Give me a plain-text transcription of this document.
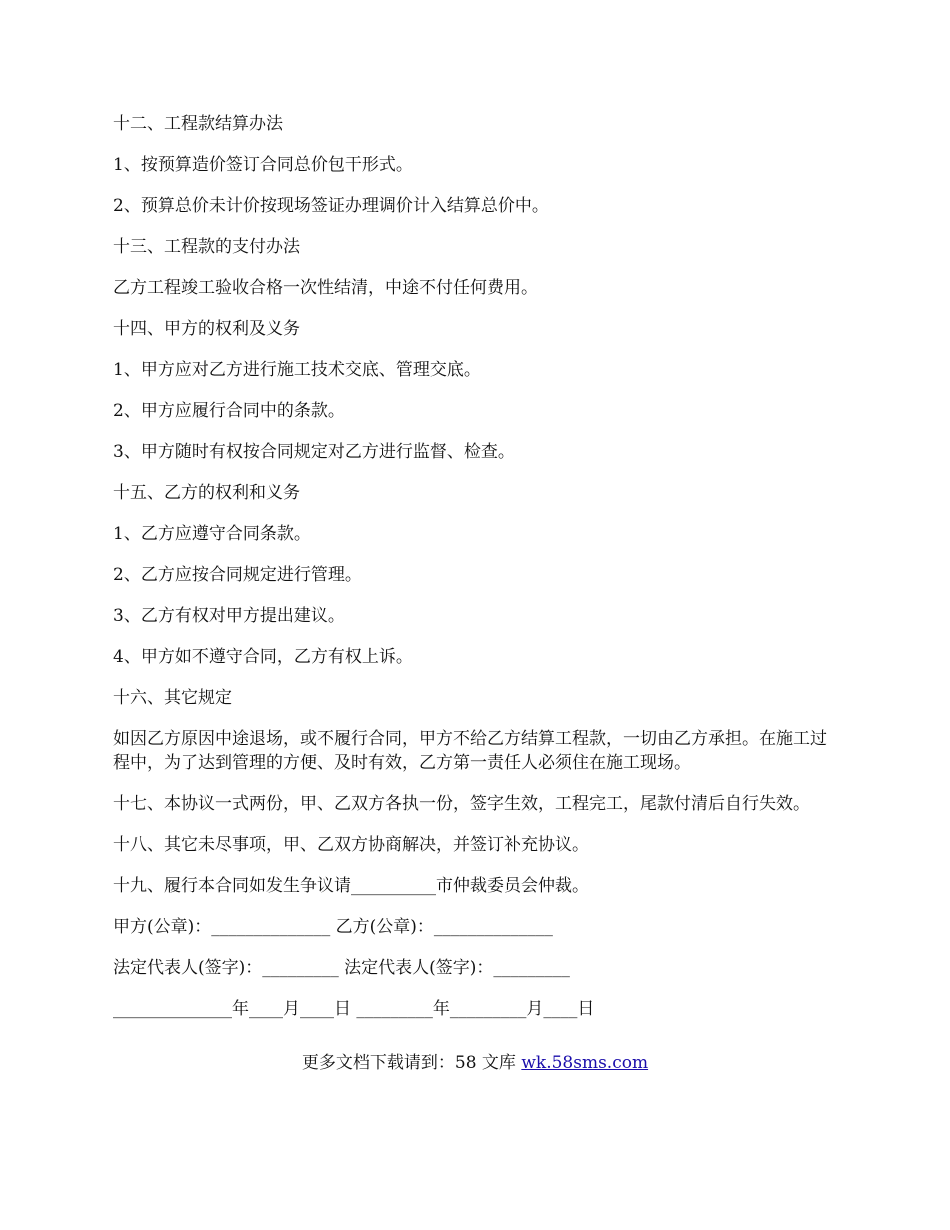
十二、工程款结算办法

1、按预算造价签订合同总价包干形式。

2、预算总价未计价按现场签证办理调价计入结算总价中。

十三、工程款的支付办法

乙方工程竣工验收合格一次性结清，中途不付任何费用。

十四、甲方的权利及义务

1、甲方应对乙方进行施工技术交底、管理交底。

2、甲方应履行合同中的条款。

3、甲方随时有权按合同规定对乙方进行监督、检查。

十五、乙方的权利和义务

1、乙方应遵守合同条款。

2、乙方应按合同规定进行管理。

3、乙方有权对甲方提出建议。

4、甲方如不遵守合同，乙方有权上诉。

十六、其它规定

如因乙方原因中途退场，或不履行合同，甲方不给乙方结算工程款，一切由乙方承担。在施工过程中，为了达到管理的方便、及时有效，乙方第一责任人必须住在施工现场。

十七、本协议一式两份，甲、乙双方各执一份，签字生效，工程完工，尾款付清后自行失效。

十八、其它未尽事项，甲、乙双方协商解决，并签订补充协议。

十九、履行本合同如发生争议请__________市仲裁委员会仲裁。

甲方(公章)：______________ 乙方(公章)：______________

法定代表人(签字)：_________ 法定代表人(签字)：_________

______________年____月____日 _________年_________月____日

更多文档下载请到：58 文库 wk.58sms.com
